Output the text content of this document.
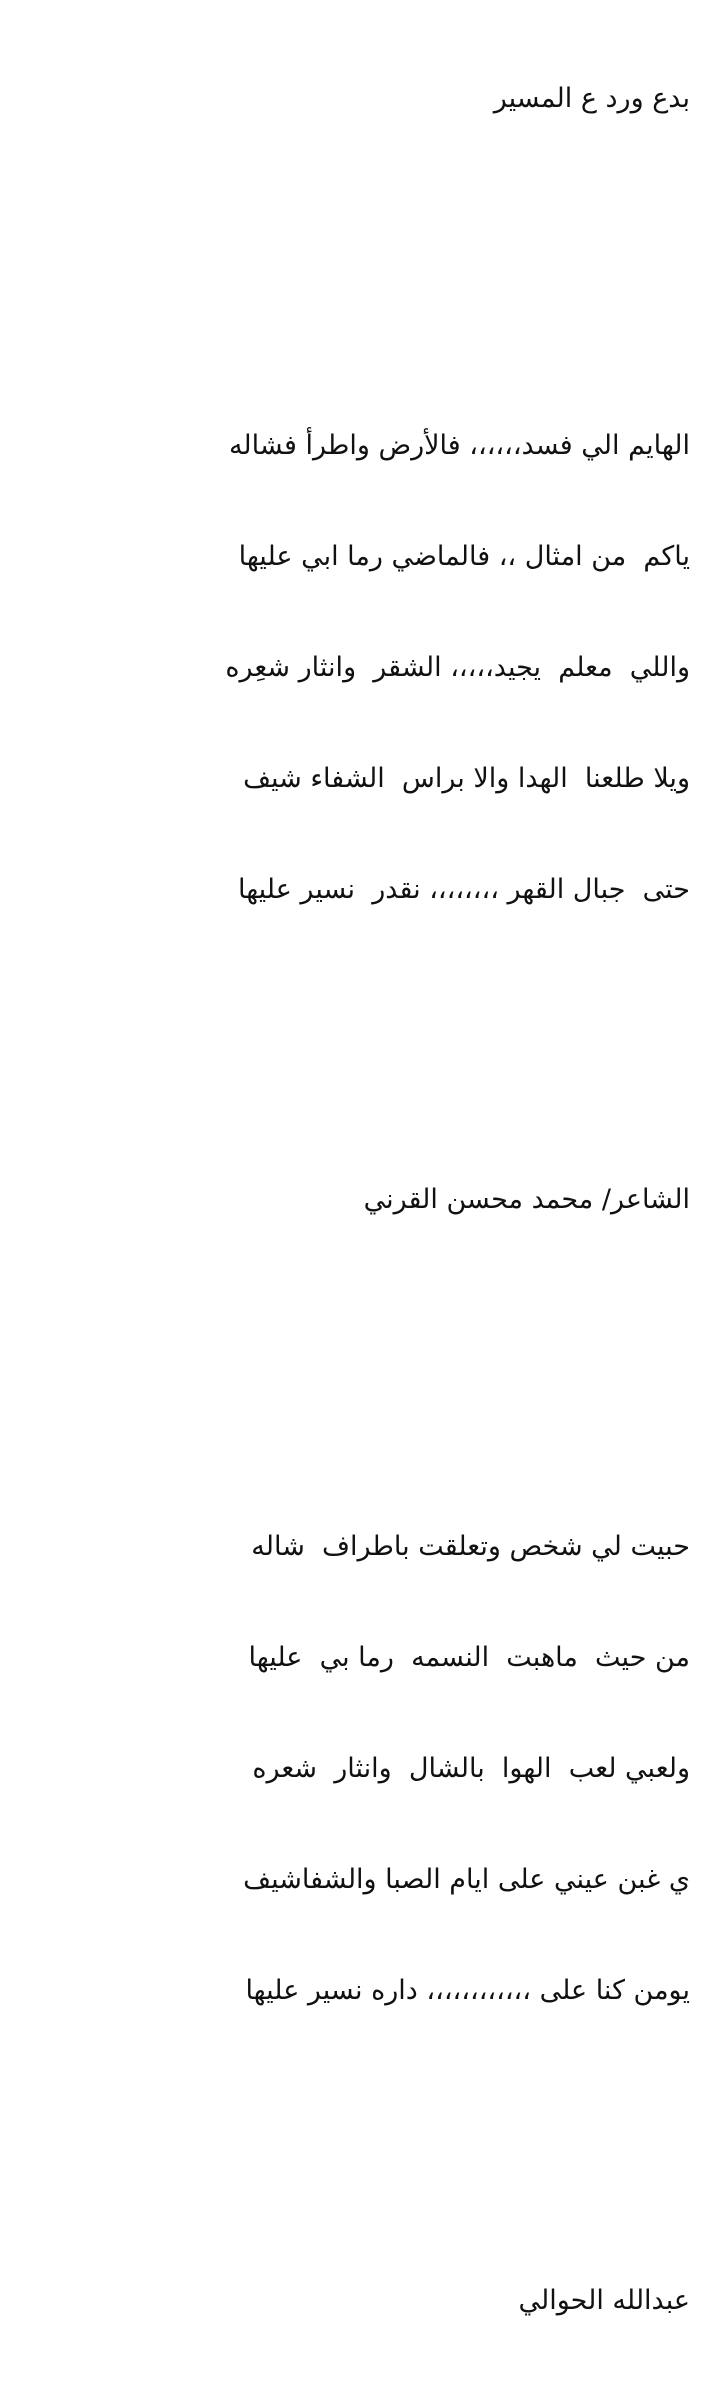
بدع ورد ع المسير

الهايم الي فسد،،،،،، فالأرض واطرأ فشاله

ياكم  من امثال ،، فالماضي رما ابي عليها

واللي  معلم  يجيد،،،،، الشقر  وانثار شعِره

ويلا طلعنا  الهدا والا براس  الشفاء شيف

حتى  جبال القهر ،،،،،،،، نقدر  نسير عليها

الشاعر/ محمد محسن القرني

حبيت لي شخص وتعلقت باطراف  شاله

من حيث  ماهبت  النسمه  رما بي  عليها

ولعبي لعب  الهوا  بالشال  وانثار  شعره

ي غبن عيني على ايام الصبا والشفاشيف

يومن كنا على ،،،،،،،،،،،، داره نسير عليها

عبدالله الحوالي
